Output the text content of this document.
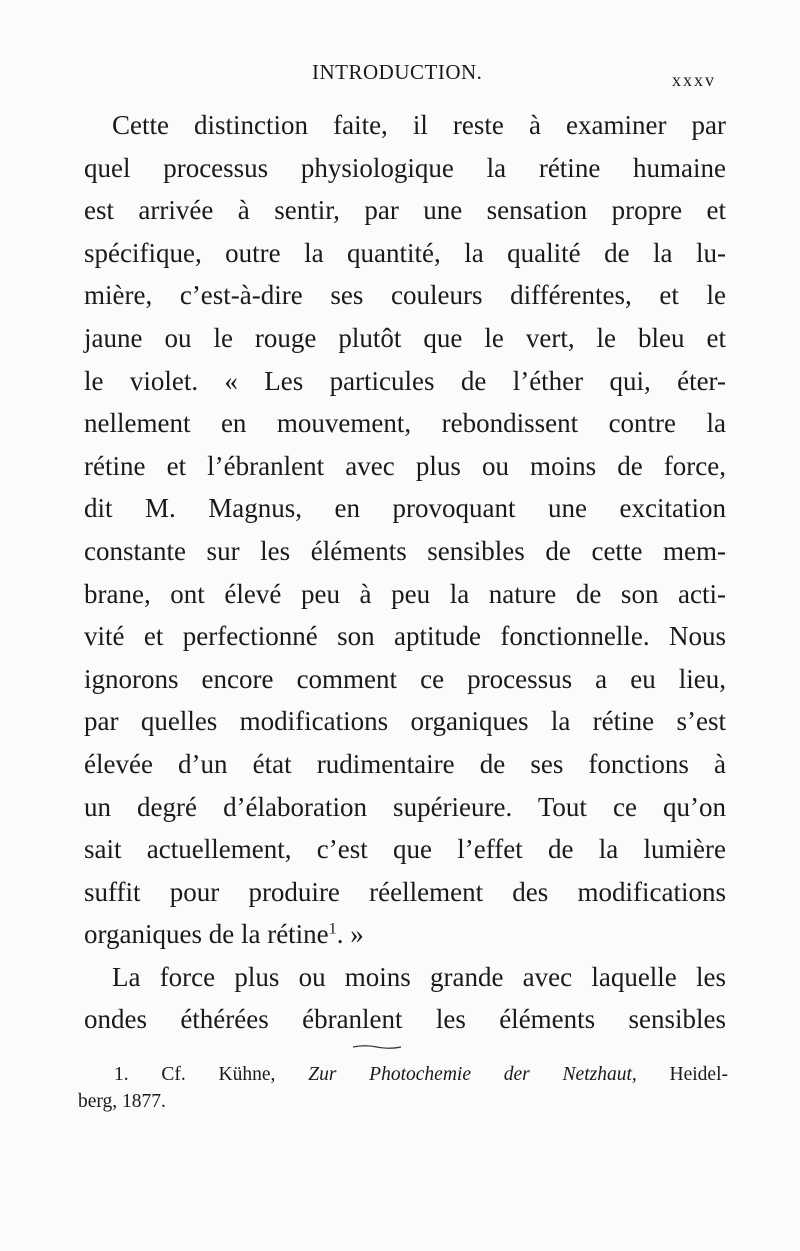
INTRODUCTION.	xxxv
Cette distinction faite, il reste à examiner par
quel processus physiologique la rétine humaine
est arrivée à sentir, par une sensation propre et
spécifique, outre la quantité, la qualité de la lu-
mière, c’est-à-dire ses couleurs différentes, et le
jaune ou le rouge plutôt que le vert, le bleu et
le violet. « Les particules de l’éther qui, éter-
nellement en mouvement, rebondissent contre la
rétine et l’ébranlent avec plus ou moins de force,
dit M. Magnus, en provoquant une excitation
constante sur les éléments sensibles de cette mem-
brane, ont élevé peu à peu la nature de son acti-
vité et perfectionné son aptitude fonctionnelle. Nous
ignorons encore comment ce processus a eu lieu,
par quelles modifications organiques la rétine s’est
élevée d’un état rudimentaire de ses fonctions à
un degré d’élaboration supérieure. Tout ce qu’on
sait actuellement, c’est que l’effet de la lumière
suffit pour produire réellement des modifications
organiques de la rétine$^1$. »
La force plus ou moins grande avec laquelle les
ondes éthérées ébranlent les éléments sensibles
1. Cf. Kühne, Zur Photochemie der Netzhaut, Heidel-
berg, 1877.
